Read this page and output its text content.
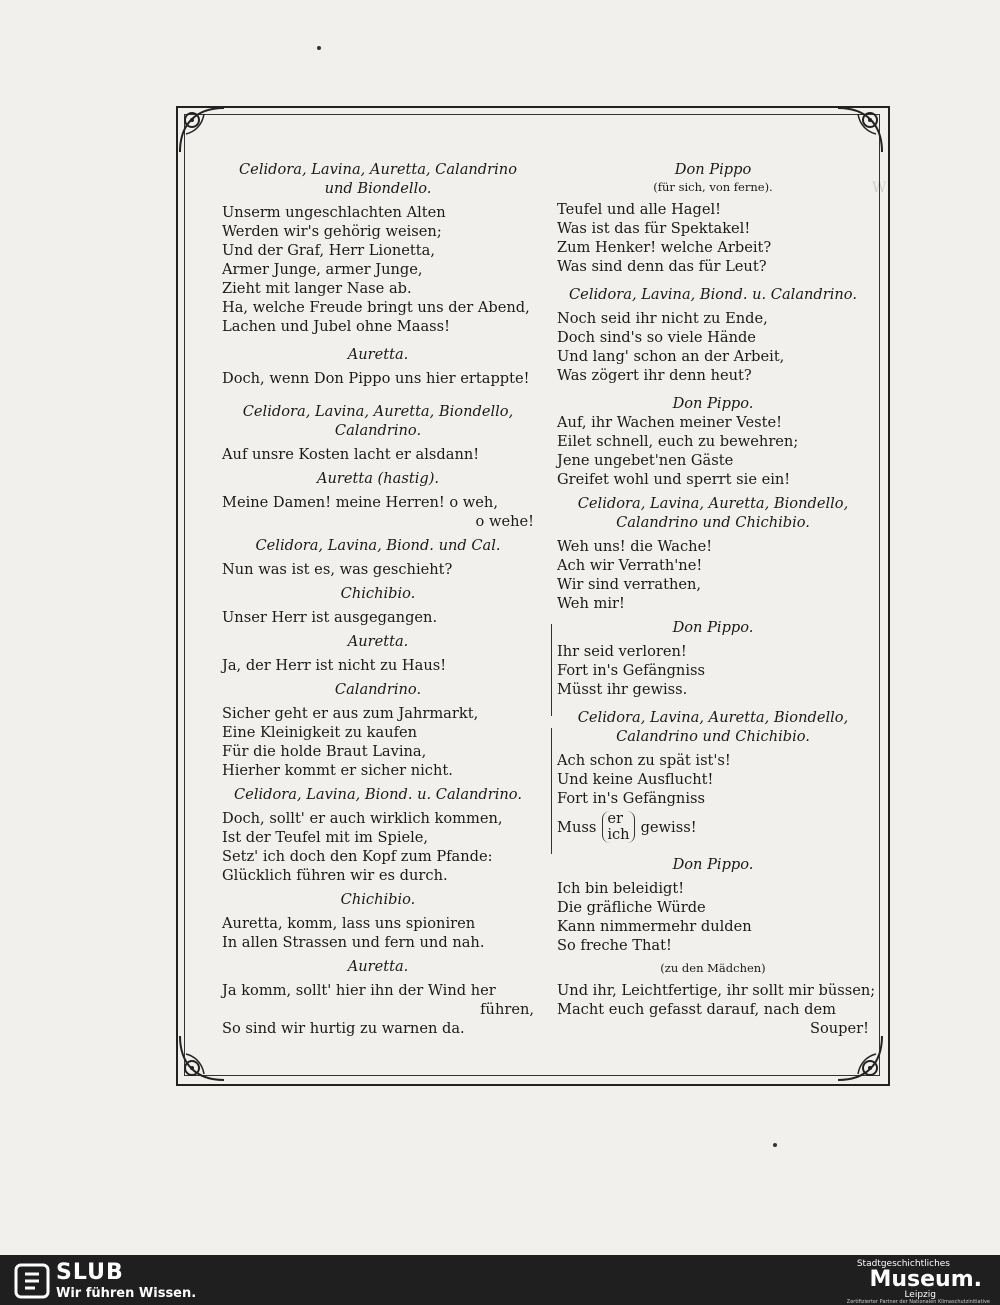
W

Celidora, Lavina, Auretta, Calandrino

und Biondello.

Unserm ungeschlachten Alten

Werden wir's gehörig weisen;

Und der Graf, Herr Lionetta,

Armer Junge, armer Junge,

Zieht mit langer Nase ab.

Ha, welche Freude bringt uns der Abend,

Lachen und Jubel ohne Maass!

Auretta.

Doch, wenn Don Pippo uns hier ertappte!

Celidora, Lavina, Auretta, Biondello,

Calandrino.

Auf unsre Kosten lacht er alsdann!

Auretta (hastig).

Meine Damen! meine Herren! o weh,

o wehe!

Celidora, Lavina, Biond. und Cal.

Nun was ist es, was geschieht?

Chichibio.

Unser Herr ist ausgegangen.

Auretta.

Ja, der Herr ist nicht zu Haus!

Calandrino.

Sicher geht er aus zum Jahrmarkt,

Eine Kleinigkeit zu kaufen

Für die holde Braut Lavina,

Hierher kommt er sicher nicht.

Celidora, Lavina, Biond. u. Calandrino.

Doch, sollt' er auch wirklich kommen,

Ist der Teufel mit im Spiele,

Setz' ich doch den Kopf zum Pfande:

Glücklich führen wir es durch.

Chichibio.

Auretta, komm, lass uns spioniren

In allen Strassen und fern und nah.

Auretta.

Ja komm, sollt' hier ihn der Wind her

führen,

So sind wir hurtig zu warnen da.

Don Pippo

(für sich, von ferne).

Teufel und alle Hagel!

Was ist das für Spektakel!

Zum Henker! welche Arbeit?

Was sind denn das für Leut?

Celidora, Lavina, Biond. u. Calandrino.

Noch seid ihr nicht zu Ende,

Doch sind's so viele Hände

Und lang' schon an der Arbeit,

Was zögert ihr denn heut?

Don Pippo.

Auf, ihr Wachen meiner Veste!

Eilet schnell, euch zu bewehren;

Jene ungebet'nen Gäste

Greifet wohl und sperrt sie ein!

Celidora, Lavina, Auretta, Biondello,

Calandrino und Chichibio.

Weh uns! die Wache!

Ach wir Verrath'ne!

Wir sind verrathen,

Weh mir!

Don Pippo.

Ihr seid verloren!

Fort in's Gefängniss

Müsst ihr gewiss.

Celidora, Lavina, Auretta, Biondello,

Calandrino und Chichibio.

Ach schon zu spät ist's!

Und keine Ausflucht!

Fort in's Gefängniss

Muss er
ich gewiss!

Don Pippo.

Ich bin beleidigt!

Die gräfliche Würde

Kann nimmermehr dulden

So freche That!

(zu den Mädchen)

Und ihr, Leichtfertige, ihr sollt mir büssen;

Macht euch gefasst darauf, nach dem

Souper!

SLUB
Wir führen Wissen.
Stadtgeschichtliches
Museum.
Leipzig
Zertifizierter Partner der Nationalen Klimaschutzinitiative
